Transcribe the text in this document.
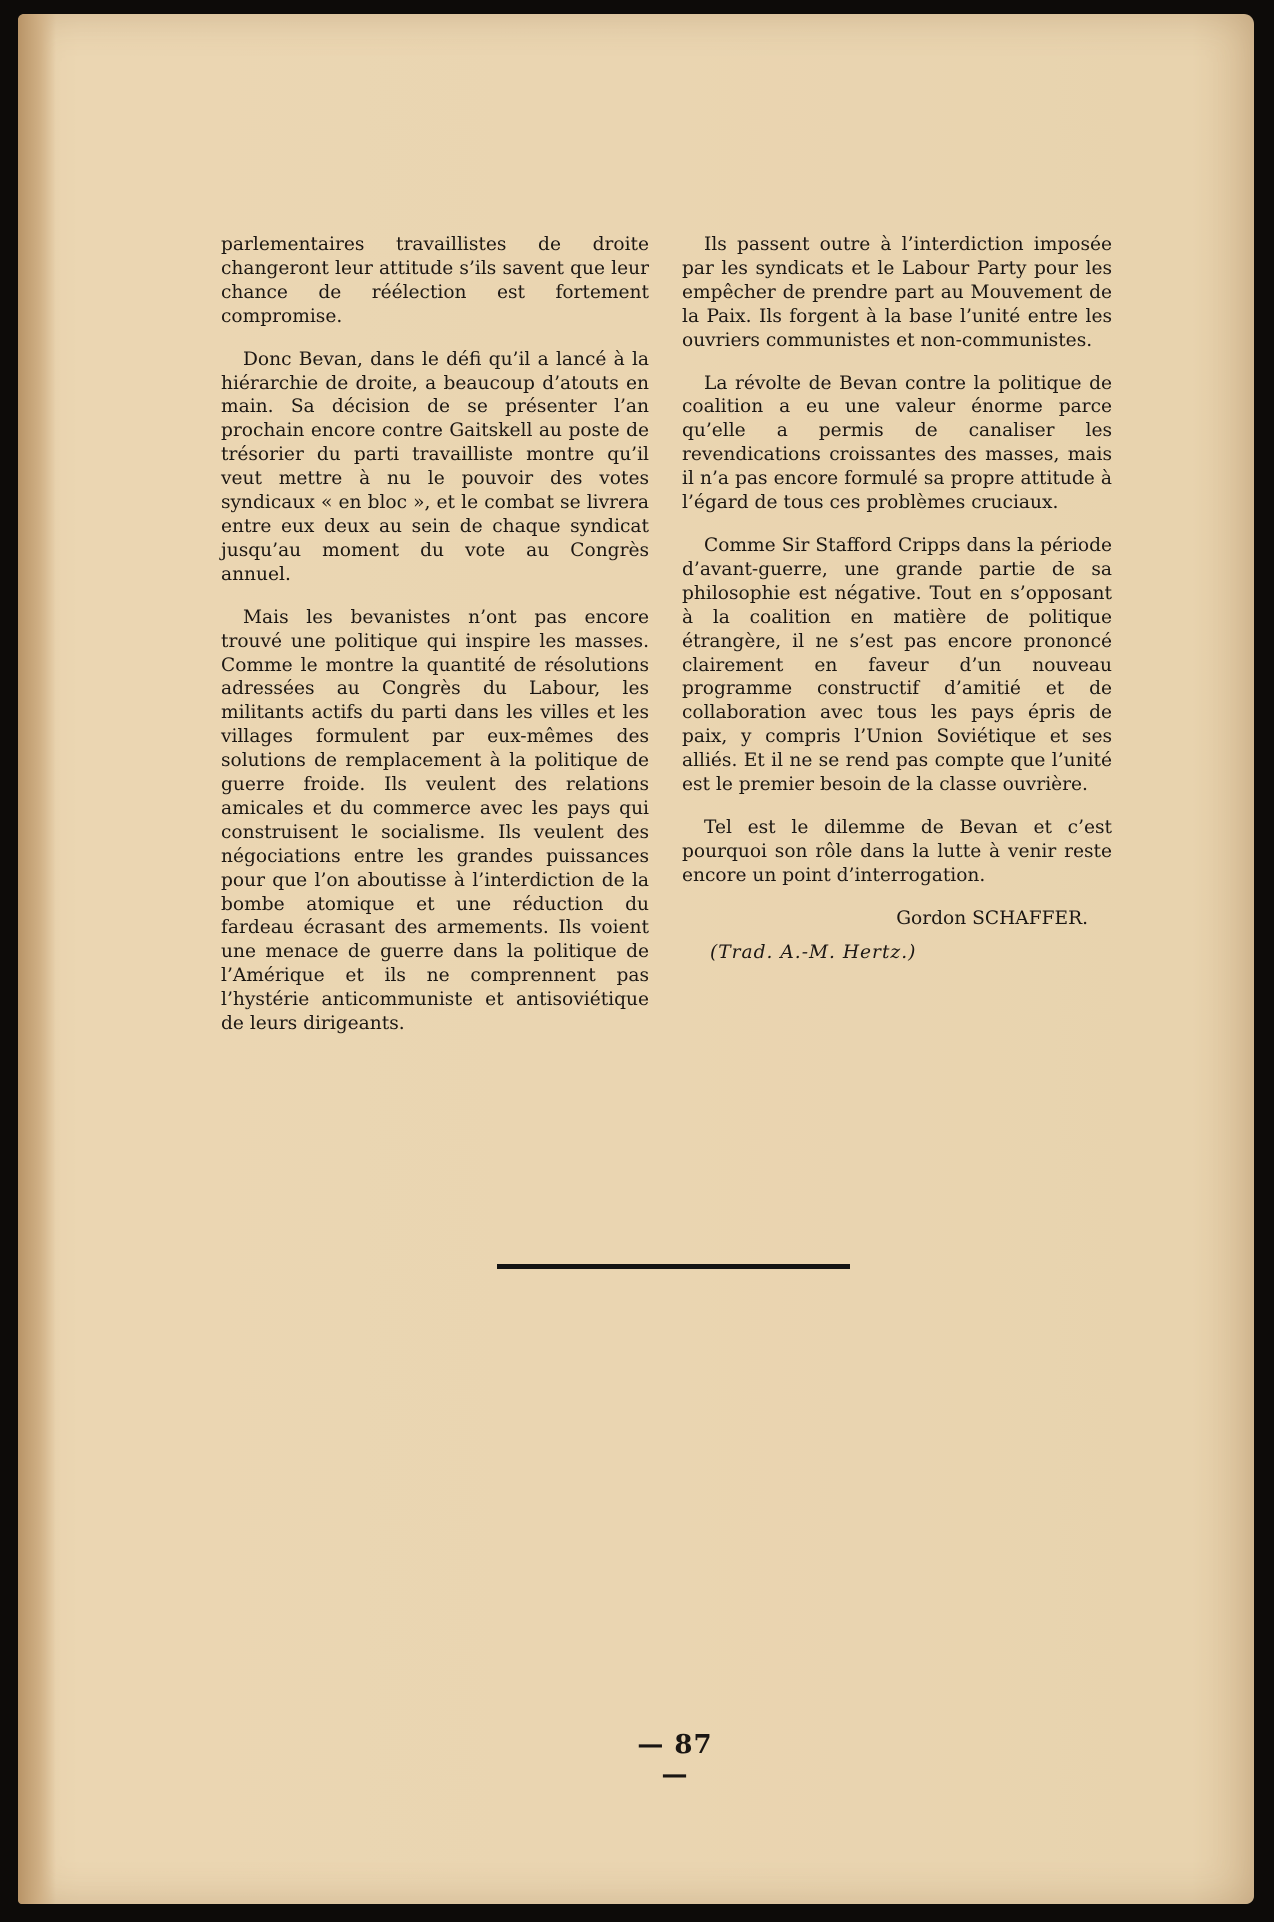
parlementaires travaillistes de droite changeront leur attitude s’ils savent que leur chance de réélection est fortement compromise.

Donc Bevan, dans le défi qu’il a lancé à la hiérarchie de droite, a beaucoup d’atouts en main. Sa décision de se présenter l’an prochain encore contre Gaitskell au poste de trésorier du parti travailliste montre qu’il veut mettre à nu le pouvoir des votes syndicaux « en bloc », et le combat se livrera entre eux deux au sein de chaque syndicat jusqu’au moment du vote au Congrès annuel.

Mais les bevanistes n’ont pas encore trouvé une politique qui inspire les masses. Comme le montre la quantité de résolutions adressées au Congrès du Labour, les militants actifs du parti dans les villes et les villages formulent par eux-mêmes des solutions de remplacement à la politique de guerre froide. Ils veulent des relations amicales et du commerce avec les pays qui construisent le socialisme. Ils veulent des négociations entre les grandes puissances pour que l’on aboutisse à l’interdiction de la bombe atomique et une réduction du fardeau écrasant des armements. Ils voient une menace de guerre dans la politique de l’Amérique et ils ne comprennent pas l’hystérie anticommuniste et antisoviétique de leurs dirigeants.

Ils passent outre à l’interdiction imposée par les syndicats et le Labour Party pour les empêcher de prendre part au Mouvement de la Paix. Ils forgent à la base l’unité entre les ouvriers communistes et non-communistes.

La révolte de Bevan contre la politique de coalition a eu une valeur énorme parce qu’elle a permis de canaliser les revendications croissantes des masses, mais il n’a pas encore formulé sa propre attitude à l’égard de tous ces problèmes cruciaux.

Comme Sir Stafford Cripps dans la période d’avant-guerre, une grande partie de sa philosophie est négative. Tout en s’opposant à la coalition en matière de politique étrangère, il ne s’est pas encore prononcé clairement en faveur d’un nouveau programme constructif d’amitié et de collaboration avec tous les pays épris de paix, y compris l’Union Soviétique et ses alliés. Et il ne se rend pas compte que l’unité est le premier besoin de la classe ouvrière.

Tel est le dilemme de Bevan et c’est pourquoi son rôle dans la lutte à venir reste encore un point d’interrogation.

Gordon SCHAFFER.
(Trad. A.-M. Hertz.)
— 87 —
